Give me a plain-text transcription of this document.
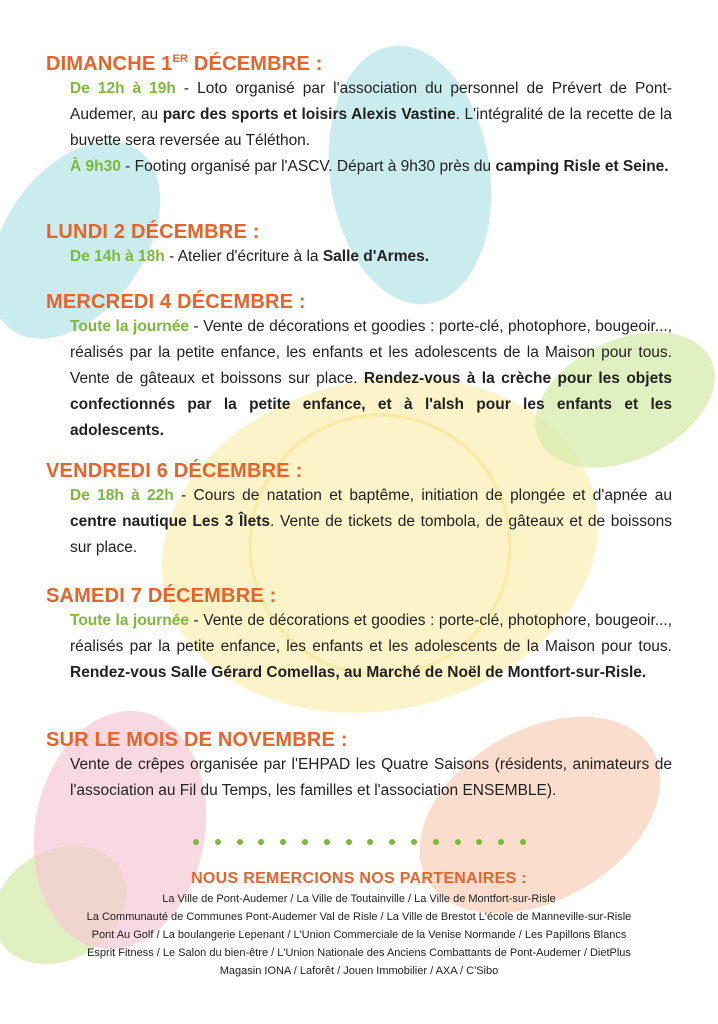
DIMANCHE 1ER DÉCEMBRE :

De 12h à 19h - Loto organisé par l'association du personnel de Prévert de Pont-Audemer, au parc des sports et loisirs Alexis Vastine. L'intégralité de la recette de la buvette sera reversée au Téléthon.

À 9h30 - Footing organisé par l'ASCV. Départ à 9h30 près du camping Risle et Seine.

LUNDI 2 DÉCEMBRE :

De 14h à 18h - Atelier d'écriture à la Salle d'Armes.

MERCREDI 4 DÉCEMBRE :

Toute la journée - Vente de décorations et goodies : porte-clé, photophore, bougeoir..., réalisés par la petite enfance, les enfants et les adolescents de la Maison pour tous. Vente de gâteaux et boissons sur place. Rendez-vous à la crèche pour les objets confectionnés par la petite enfance, et à l'alsh pour les enfants et les adolescents.

VENDREDI 6 DÉCEMBRE :

De 18h à 22h - Cours de natation et baptême, initiation de plongée et d'apnée au centre nautique Les 3 Îlets. Vente de tickets de tombola, de gâteaux et de boissons sur place.

SAMEDI 7 DÉCEMBRE :

Toute la journée - Vente de décorations et goodies : porte-clé, photophore, bougeoir..., réalisés par la petite enfance, les enfants et les adolescents de la Maison pour tous. Rendez-vous Salle Gérard Comellas, au Marché de Noël de Montfort-sur-Risle.

SUR LE MOIS DE NOVEMBRE :

Vente de crêpes organisée par l'EHPAD les Quatre Saisons (résidents, animateurs de l'association au Fil du Temps, les familles et l'association ENSEMBLE).

NOUS REMERCIONS NOS PARTENAIRES :
La Ville de Pont-Audemer / La Ville de Toutainville / La Ville de Montfort-sur-Risle
La Communauté de Communes Pont-Audemer Val de Risle / La Ville de Brestot L'école de Manneville-sur-Risle
Pont Au Golf / La boulangerie Lepenant / L'Union Commerciale de la Venise Normande / Les Papillons Blancs
Esprit Fitness / Le Salon du bien-être / L'Union Nationale des Anciens Combattants de Pont-Audemer / DietPlus
Magasin IONA / Laforêt / Jouen Immobilier / AXA / C'Sibo
